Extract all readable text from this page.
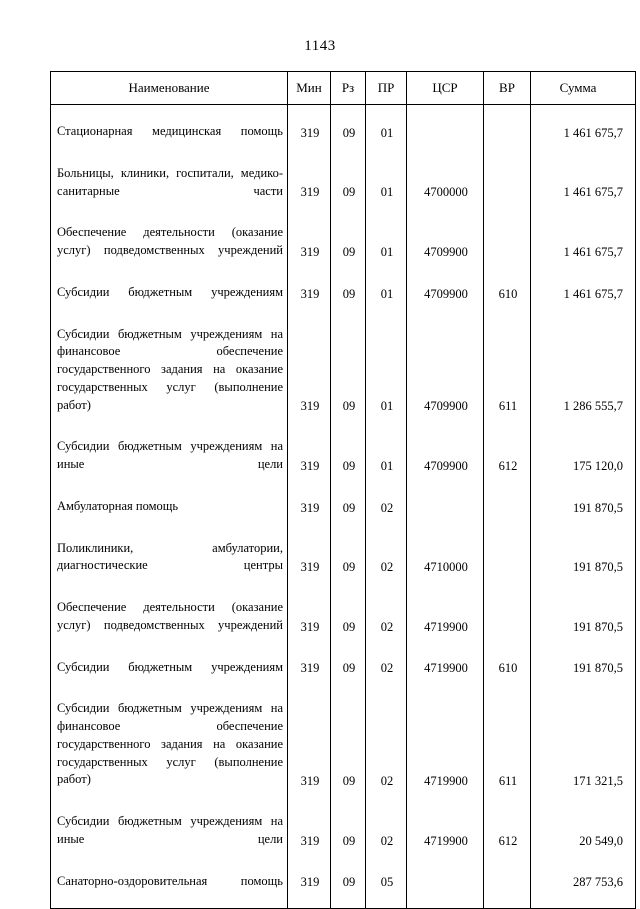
1143
Наименование	Мин	Рз	ПР	ЦСР	ВР	Сумма

Стационарная медицинская помощь	319	09	01			1 461 675,7

Больницы, клиники, госпитали, медико-санитарные части	319	09	01	4700000		1 461 675,7

Обеспечение деятельности (оказание услуг) подведомственных учреждений	319	09	01	4709900		1 461 675,7

Субсидии бюджетным учреждениям	319	09	01	4709900	610	1 461 675,7

Субсидии бюджетным учреждениям на финансовое обеспечение государственного задания на оказание государственных услуг (выполнение работ)	319	09	01	4709900	611	1 286 555,7

Субсидии бюджетным учреждениям на иные цели	319	09	01	4709900	612	175 120,0

Амбулаторная помощь	319	09	02			191 870,5

Поликлиники, амбулатории, диагностические центры	319	09	02	4710000		191 870,5

Обеспечение деятельности (оказание услуг) подведомственных учреждений	319	09	02	4719900		191 870,5

Субсидии бюджетным учреждениям	319	09	02	4719900	610	191 870,5

Субсидии бюджетным учреждениям на финансовое обеспечение государственного задания на оказание государственных услуг (выполнение работ)	319	09	02	4719900	611	171 321,5

Субсидии бюджетным учреждениям на иные цели	319	09	02	4719900	612	20 549,0

Санаторно-оздоровительная помощь	319	09	05			287 753,6
